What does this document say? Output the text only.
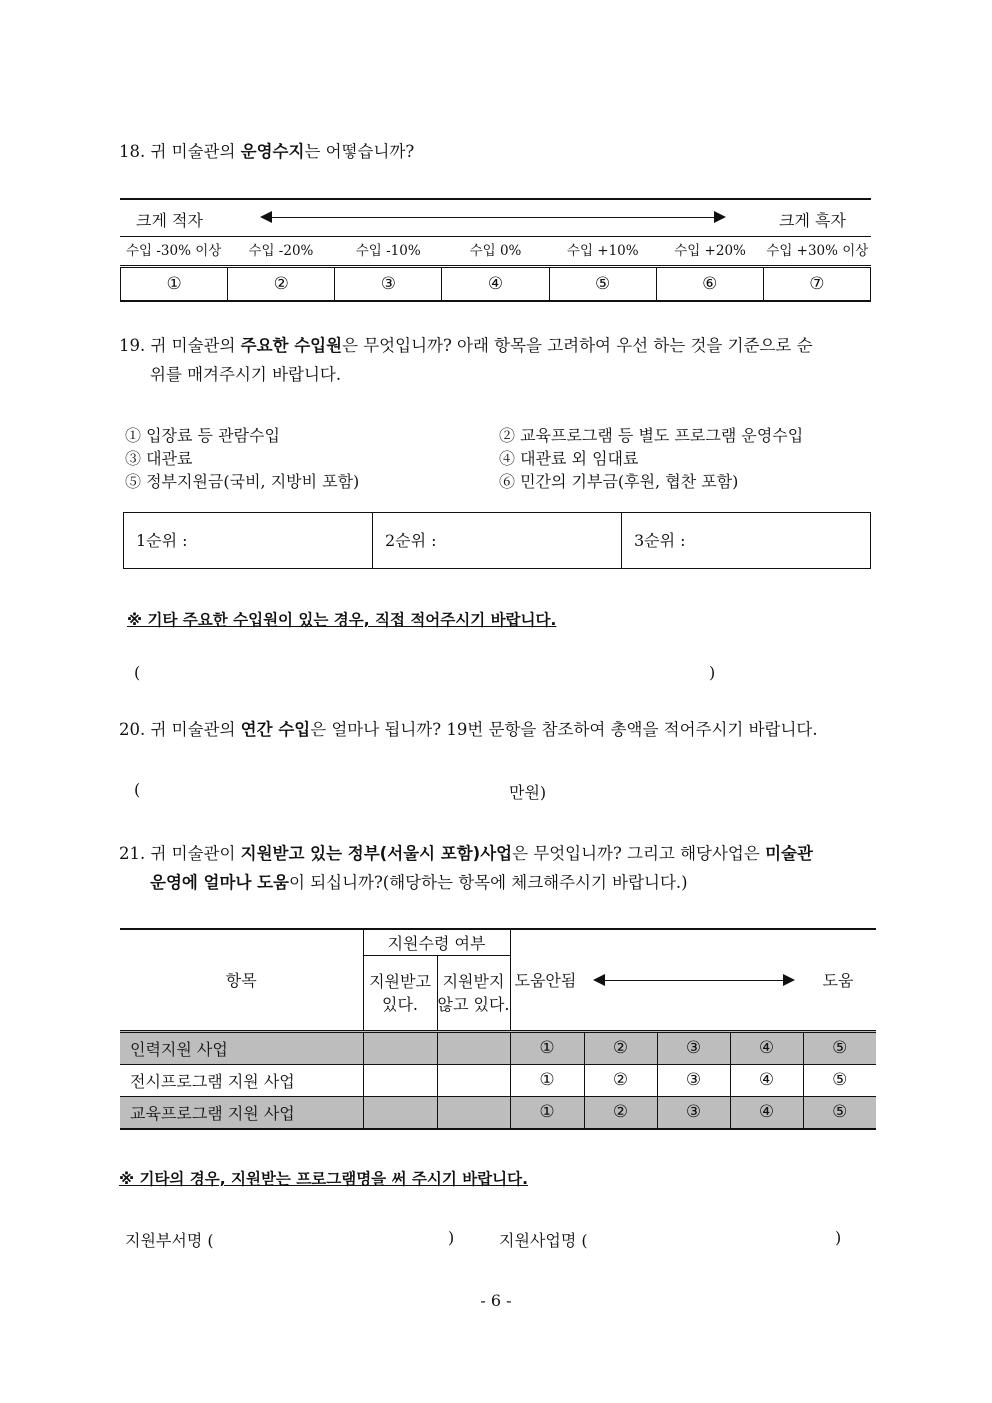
18. 귀 미술관의 운영수지는 어떻습니까?
크게 적자	크게 흑자
수입 -30% 이상	수입 -20%	수입 -10%	수입 0%	수입 +10%	수입 +20%	수입 +30% 이상
①	②	③	④	⑤	⑥	⑦
19. 귀 미술관의 주요한 수입원은 무엇입니까? 아래 항목을 고려하여 우선 하는 것을 기준으로 순
위를 매겨주시기 바랍니다.
① 입장료 등 관람수입
③ 대관료
⑤ 정부지원금(국비, 지방비 포함)
② 교육프로그램 등 별도 프로그램 운영수입
④ 대관료 외 임대료
⑥ 민간의 기부금(후원, 협찬 포함)
1순위 :	2순위 :	3순위 :
※ 기타 주요한 수입원이 있는 경우, 직접 적어주시기 바랍니다.
(	)
20. 귀 미술관의 연간 수입은 얼마나 됩니까? 19번 문항을 참조하여 총액을 적어주시기 바랍니다.
(	만원)
21. 귀 미술관이 지원받고 있는 정부(서울시 포함)사업은 무엇입니까? 그리고 해당사업은 미술관
운영에 얼마나 도움이 되십니까?(해당하는 항목에 체크해주시기 바랍니다.)
항목	지원수령 여부		도움안됨 도움				

	지원받고 있다.	지원받지 않고 있다.					
인력지원 사업			①	②	③	④	⑤
전시프로그램 지원 사업			①	②	③	④	⑤
교육프로그램 지원 사업			①	②	③	④	⑤
※ 기타의 경우, 지원받는 프로그램명을 써 주시기 바랍니다.
지원부서명 (	)	지원사업명 (	)
- 6 -
